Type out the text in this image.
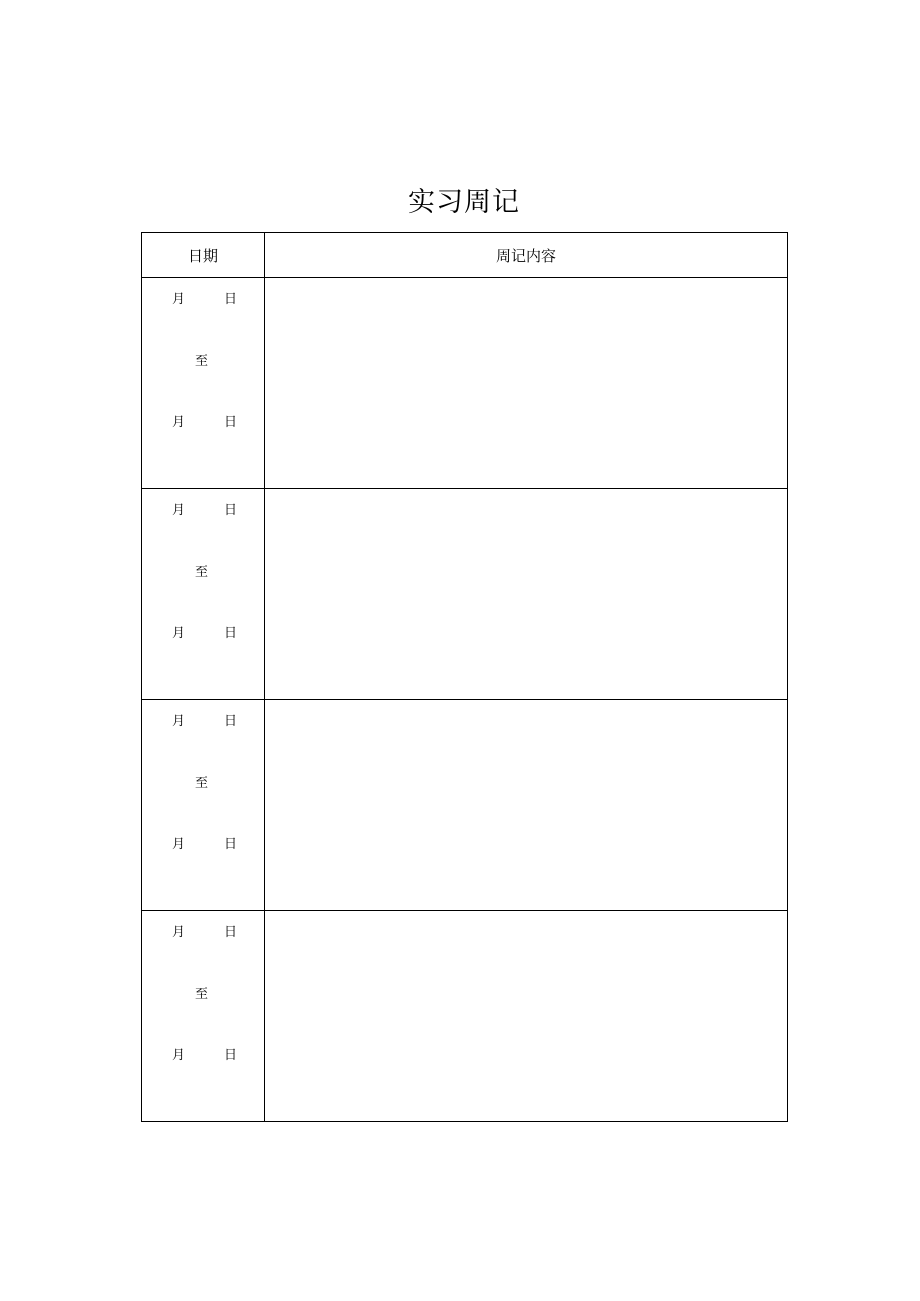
实习周记
日期	周记内容

月 日
至
月 日	

月 日
至
月 日	

月 日
至
月 日	

月 日
至
月 日	
